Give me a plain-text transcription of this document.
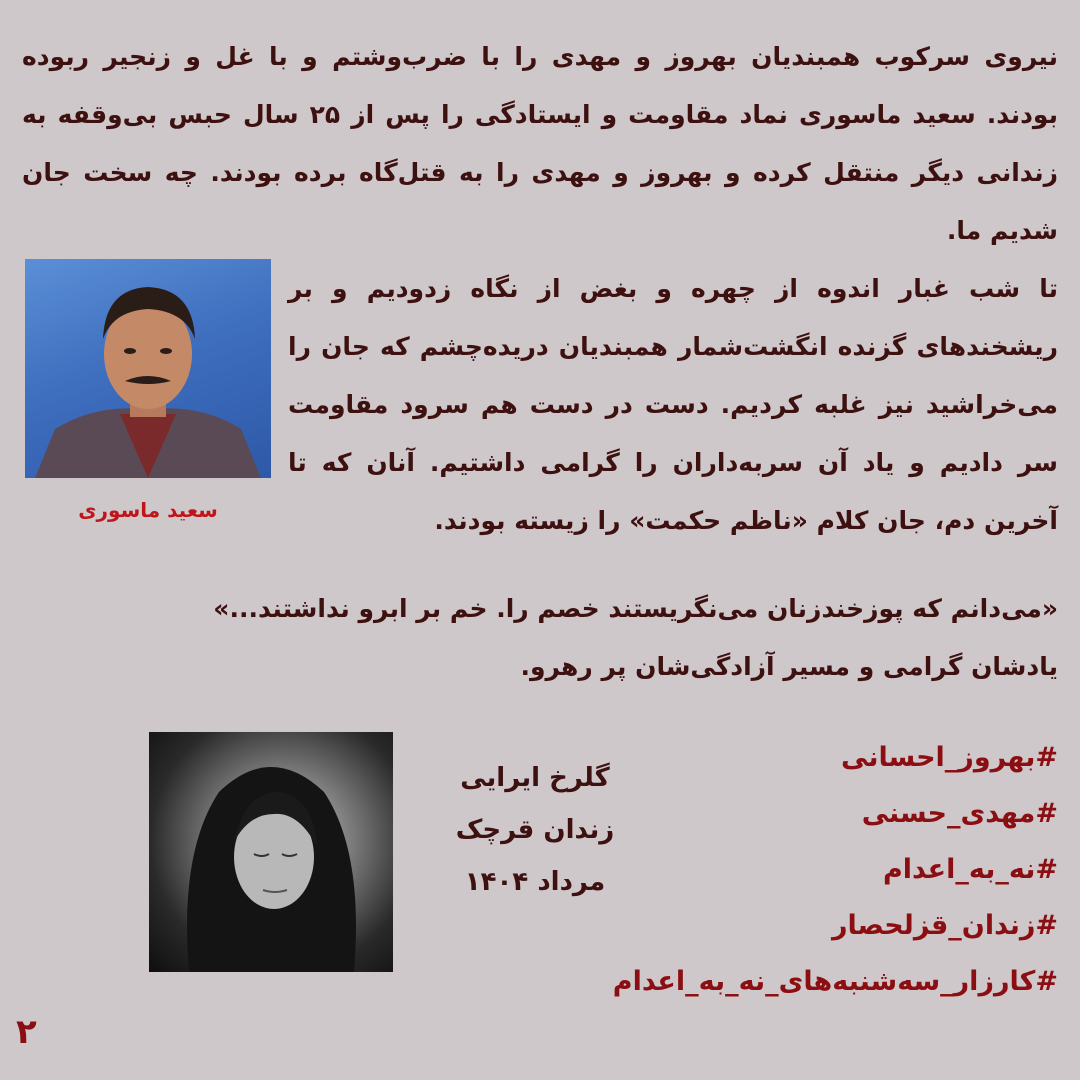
نیروی سرکوب همبندیان بهروز و مهدی را با ضرب‌وشتم و با غل و زنجیر ربوده بودند. سعید ماسوری نماد مقاومت و ایستادگی را پس از ۲۵ سال حبس بی‌وقفه به زندانی دیگر منتقل کرده و بهروز و مهدی را به قتل‌گاه برده بودند. چه سخت جان شدیم ما.

سعید ماسوری

تا شب غبار اندوه از چهره و بغض از نگاه زدودیم و بر ریشخندهای گزنده انگشت‌شمار همبندیان دریده‌چشم که جان را می‌خراشید نیز غلبه کردیم. دست در دست هم سرود مقاومت سر دادیم و یاد آن سربه‌داران را گرامی داشتیم. آنان که تا آخرین دم، جان کلام «ناظم حکمت» را زیسته بودند.

«می‌دانم که پوزخندزنان می‌نگریستند خصم را. خم بر ابرو نداشتند...»
یادشان گرامی و مسیر آزادگی‌شان پر رهرو.
گلرخ ایرایی
زندان قرچک
مرداد ۱۴۰۴
#بهروز_احسانی
#مهدی_حسنی
#نه_به_اعدام
#زندان_قزلحصار
#کارزار_سه‌شنبه‌های_نه_به_اعدام
۲
